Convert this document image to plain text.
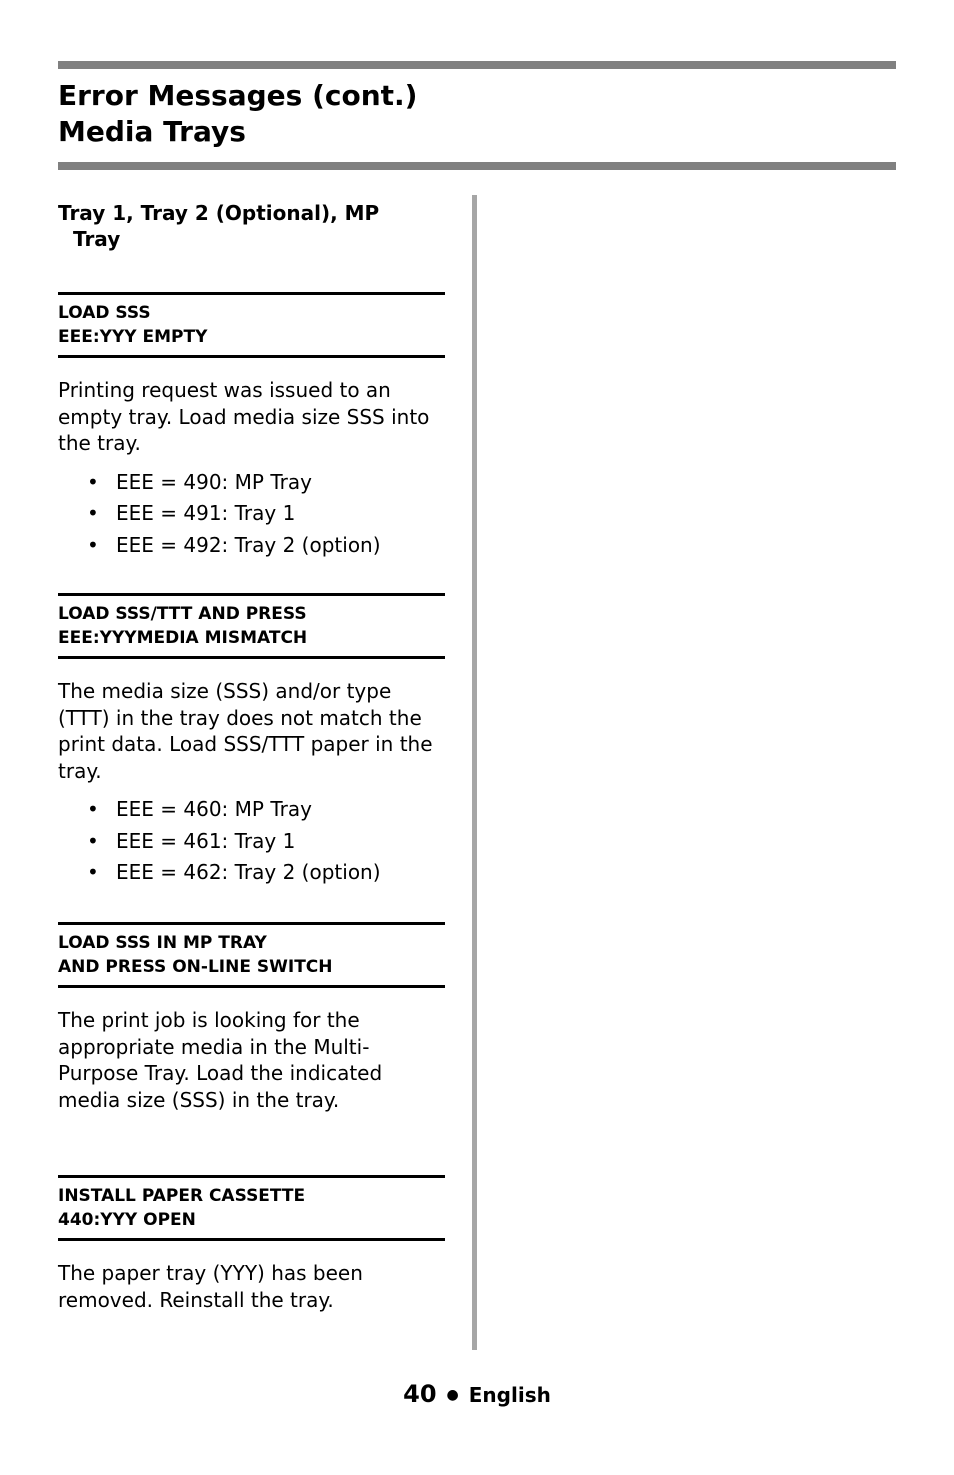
Error Messages (cont.)
Media Trays
Tray 1, Tray 2 (Optional), MP
Tray
LOAD SSS
EEE:YYY EMPTY

Printing request was issued to an empty tray. Load media size SSS into the tray.

• EEE = 490: MP Tray
• EEE = 491: Tray 1
• EEE = 492: Tray 2 (option)
LOAD SSS/TTT AND PRESS
EEE:YYYMEDIA MISMATCH

The media size (SSS) and/or type (TTT) in the tray does not match the print data. Load SSS/TTT paper in the tray.

• EEE = 460: MP Tray
• EEE = 461: Tray 1
• EEE = 462: Tray 2 (option)
LOAD SSS IN MP TRAY
AND PRESS ON-LINE SWITCH

The print job is looking for the appropriate media in the Multi-Purpose Tray. Load the indicated media size (SSS) in the tray.

INSTALL PAPER CASSETTE
440:YYY OPEN

The paper tray (YYY) has been removed. Reinstall the tray.

40 ● English
